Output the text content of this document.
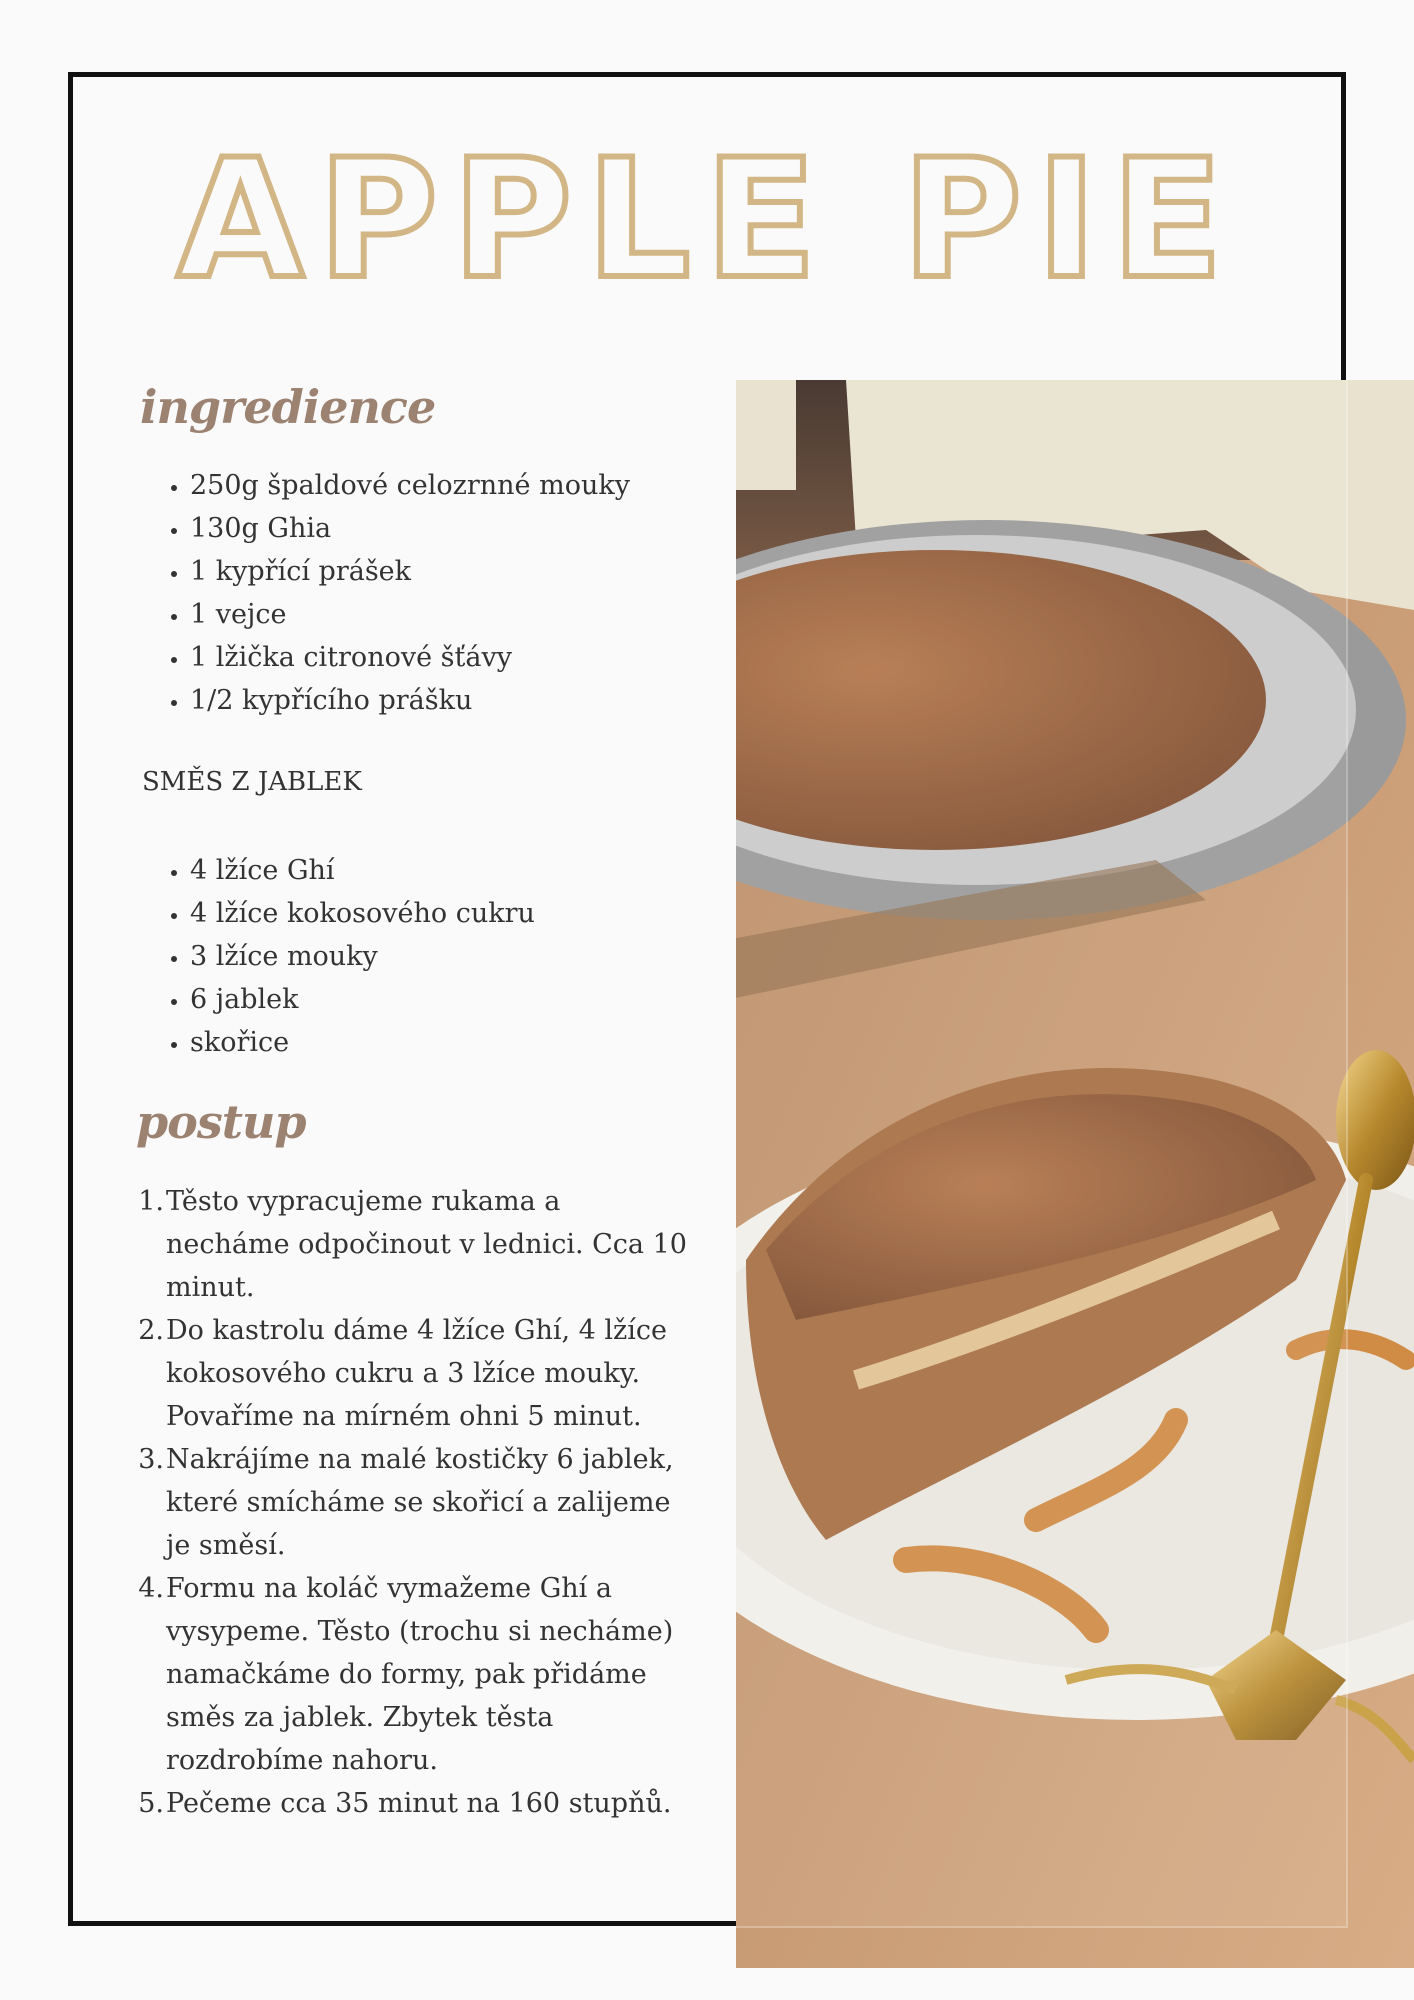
APPLE PIE
ingredience
• 250g špaldové celozrnné mouky
• 130g Ghia
• 1 kypřící prášek
• 1 vejce
• 1 lžička citronové šťávy
• 1/2 kypřícího prášku
SMĚS Z JABLEK
• 4 lžíce Ghí
• 4 lžíce kokosového cukru
• 3 lžíce mouky
• 6 jablek
• skořice
postup
1. Těsto vypracujeme rukama a necháme odpočinout v lednici. Cca 10 minut.
2. Do kastrolu dáme 4 lžíce Ghí, 4 lžíce kokosového cukru a 3 lžíce mouky. Povaříme na mírném ohni 5 minut.
3. Nakrájíme na malé kostičky 6 jablek, které smícháme se skořicí a zalijeme je směsí.
4. Formu na koláč vymažeme Ghí a vysypeme. Těsto (trochu si necháme) namačkáme do formy, pak přidáme směs za jablek. Zbytek těsta rozdrobíme nahoru.
5. Pečeme cca 35 minut na 160 stupňů.
